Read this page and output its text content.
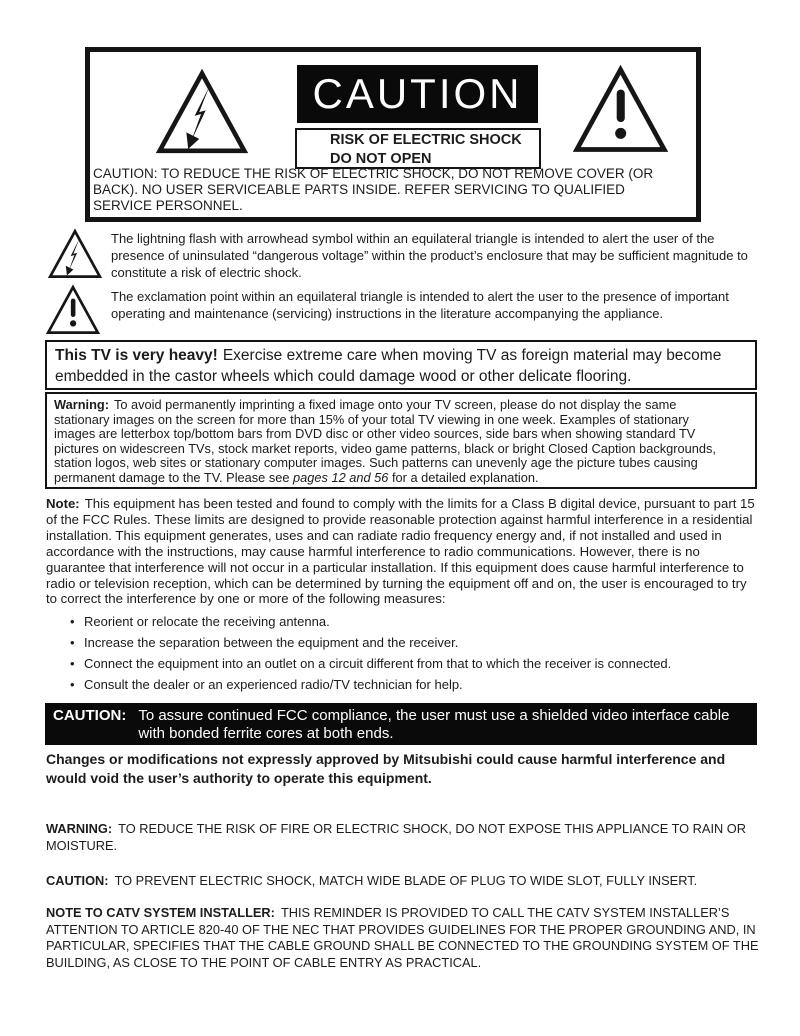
CAUTION
RISK OF ELECTRIC SHOCK
DO NOT OPEN
CAUTION: TO REDUCE THE RISK OF ELECTRIC SHOCK, DO NOT REMOVE COVER (OR BACK). NO USER SERVICEABLE PARTS INSIDE. REFER SERVICING TO QUALIFIED SERVICE PERSONNEL.
The lightning flash with arrowhead symbol within an equilateral triangle is intended to alert the user of the presence of uninsulated “dangerous voltage” within the product’s enclosure that may be sufficient magnitude to constitute a risk of electric shock.
The exclamation point within an equilateral triangle is intended to alert the user to the presence of important operating and maintenance (servicing) instructions in the literature accompanying the appliance.
This TV is very heavy! Exercise extreme care when moving TV as foreign material may become embedded in the castor wheels which could damage wood or other delicate flooring.
Warning: To avoid permanently imprinting a fixed image onto your TV screen, please do not display the same stationary images on the screen for more than 15% of your total TV viewing in one week. Examples of stationary images are letterbox top/bottom bars from DVD disc or other video sources, side bars when showing standard TV pictures on widescreen TVs, stock market reports, video game patterns, black or bright Closed Caption backgrounds, station logos, web sites or stationary computer images. Such patterns can unevenly age the picture tubes causing permanent damage to the TV. Please see pages 12 and 56 for a detailed explanation.
Note: This equipment has been tested and found to comply with the limits for a Class B digital device, pursuant to part 15 of the FCC Rules. These limits are designed to provide reasonable protection against harmful interference in a residential installation. This equipment generates, uses and can radiate radio frequency energy and, if not installed and used in accordance with the instructions, may cause harmful interference to radio communications. However, there is no guarantee that interference will not occur in a particular installation. If this equipment does cause harmful interference to radio or television reception, which can be determined by turning the equipment off and on, the user is encouraged to try to correct the interference by one or more of the following measures:
• Reorient or relocate the receiving antenna.
• Increase the separation between the equipment and the receiver.
• Connect the equipment into an outlet on a circuit different from that to which the receiver is connected.
• Consult the dealer or an experienced radio/TV technician for help.
CAUTION: To assure continued FCC compliance, the user must use a shielded video interface cable with bonded ferrite cores at both ends.
Changes or modifications not expressly approved by Mitsubishi could cause harmful interference and would void the user’s authority to operate this equipment.
WARNING: TO REDUCE THE RISK OF FIRE OR ELECTRIC SHOCK, DO NOT EXPOSE THIS APPLIANCE TO RAIN OR MOISTURE.
CAUTION: TO PREVENT ELECTRIC SHOCK, MATCH WIDE BLADE OF PLUG TO WIDE SLOT, FULLY INSERT.
NOTE TO CATV SYSTEM INSTALLER: THIS REMINDER IS PROVIDED TO CALL THE CATV SYSTEM INSTALLER’S ATTENTION TO ARTICLE 820-40 OF THE NEC THAT PROVIDES GUIDELINES FOR THE PROPER GROUNDING AND, IN PARTICULAR, SPECIFIES THAT THE CABLE GROUND SHALL BE CONNECTED TO THE GROUNDING SYSTEM OF THE BUILDING, AS CLOSE TO THE POINT OF CABLE ENTRY AS PRACTICAL.
